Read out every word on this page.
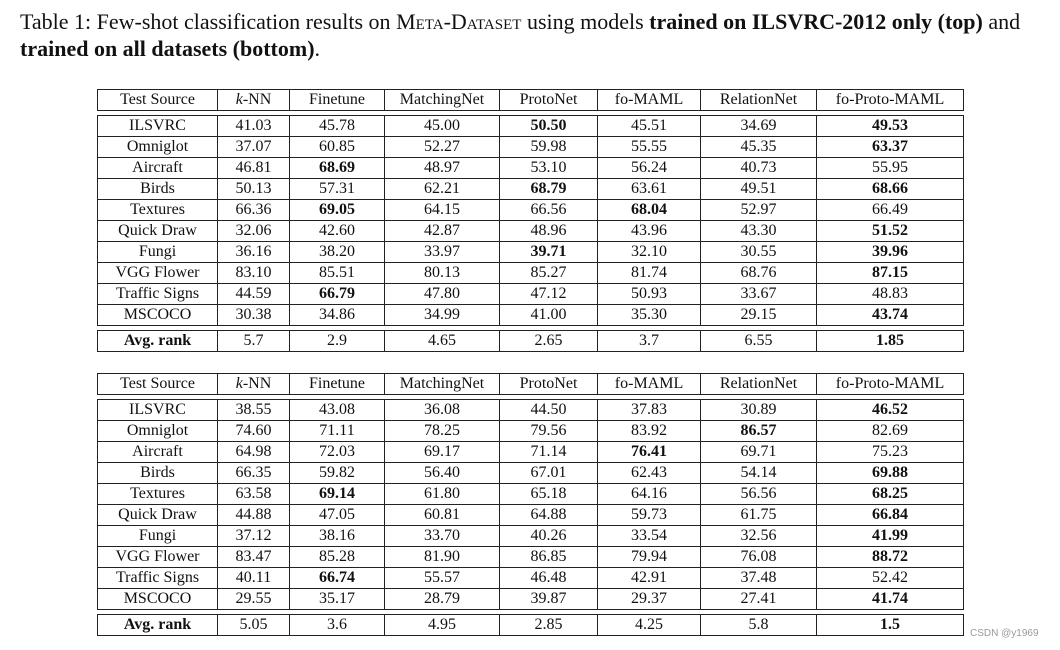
Table 1: Few-shot classification results on Meta-Dataset using models trained on ILSVRC-2012 only (top) and trained on all datasets (bottom).
Test Source	k-NN	Finetune	MatchingNet	ProtoNet	fo-MAML	RelationNet	fo-Proto-MAML
ILSVRC	41.03	45.78	45.00	50.50	45.51	34.69	49.53
Omniglot	37.07	60.85	52.27	59.98	55.55	45.35	63.37
Aircraft	46.81	68.69	48.97	53.10	56.24	40.73	55.95
Birds	50.13	57.31	62.21	68.79	63.61	49.51	68.66
Textures	66.36	69.05	64.15	66.56	68.04	52.97	66.49
Quick Draw	32.06	42.60	42.87	48.96	43.96	43.30	51.52
Fungi	36.16	38.20	33.97	39.71	32.10	30.55	39.96
VGG Flower	83.10	85.51	80.13	85.27	81.74	68.76	87.15
Traffic Signs	44.59	66.79	47.80	47.12	50.93	33.67	48.83
MSCOCO	30.38	34.86	34.99	41.00	35.30	29.15	43.74
Avg. rank	5.7	2.9	4.65	2.65	3.7	6.55	1.85
Test Source	k-NN	Finetune	MatchingNet	ProtoNet	fo-MAML	RelationNet	fo-Proto-MAML
ILSVRC	38.55	43.08	36.08	44.50	37.83	30.89	46.52
Omniglot	74.60	71.11	78.25	79.56	83.92	86.57	82.69
Aircraft	64.98	72.03	69.17	71.14	76.41	69.71	75.23
Birds	66.35	59.82	56.40	67.01	62.43	54.14	69.88
Textures	63.58	69.14	61.80	65.18	64.16	56.56	68.25
Quick Draw	44.88	47.05	60.81	64.88	59.73	61.75	66.84
Fungi	37.12	38.16	33.70	40.26	33.54	32.56	41.99
VGG Flower	83.47	85.28	81.90	86.85	79.94	76.08	88.72
Traffic Signs	40.11	66.74	55.57	46.48	42.91	37.48	52.42
MSCOCO	29.55	35.17	28.79	39.87	29.37	27.41	41.74
Avg. rank	5.05	3.6	4.95	2.85	4.25	5.8	1.5
CSDN @y1969
